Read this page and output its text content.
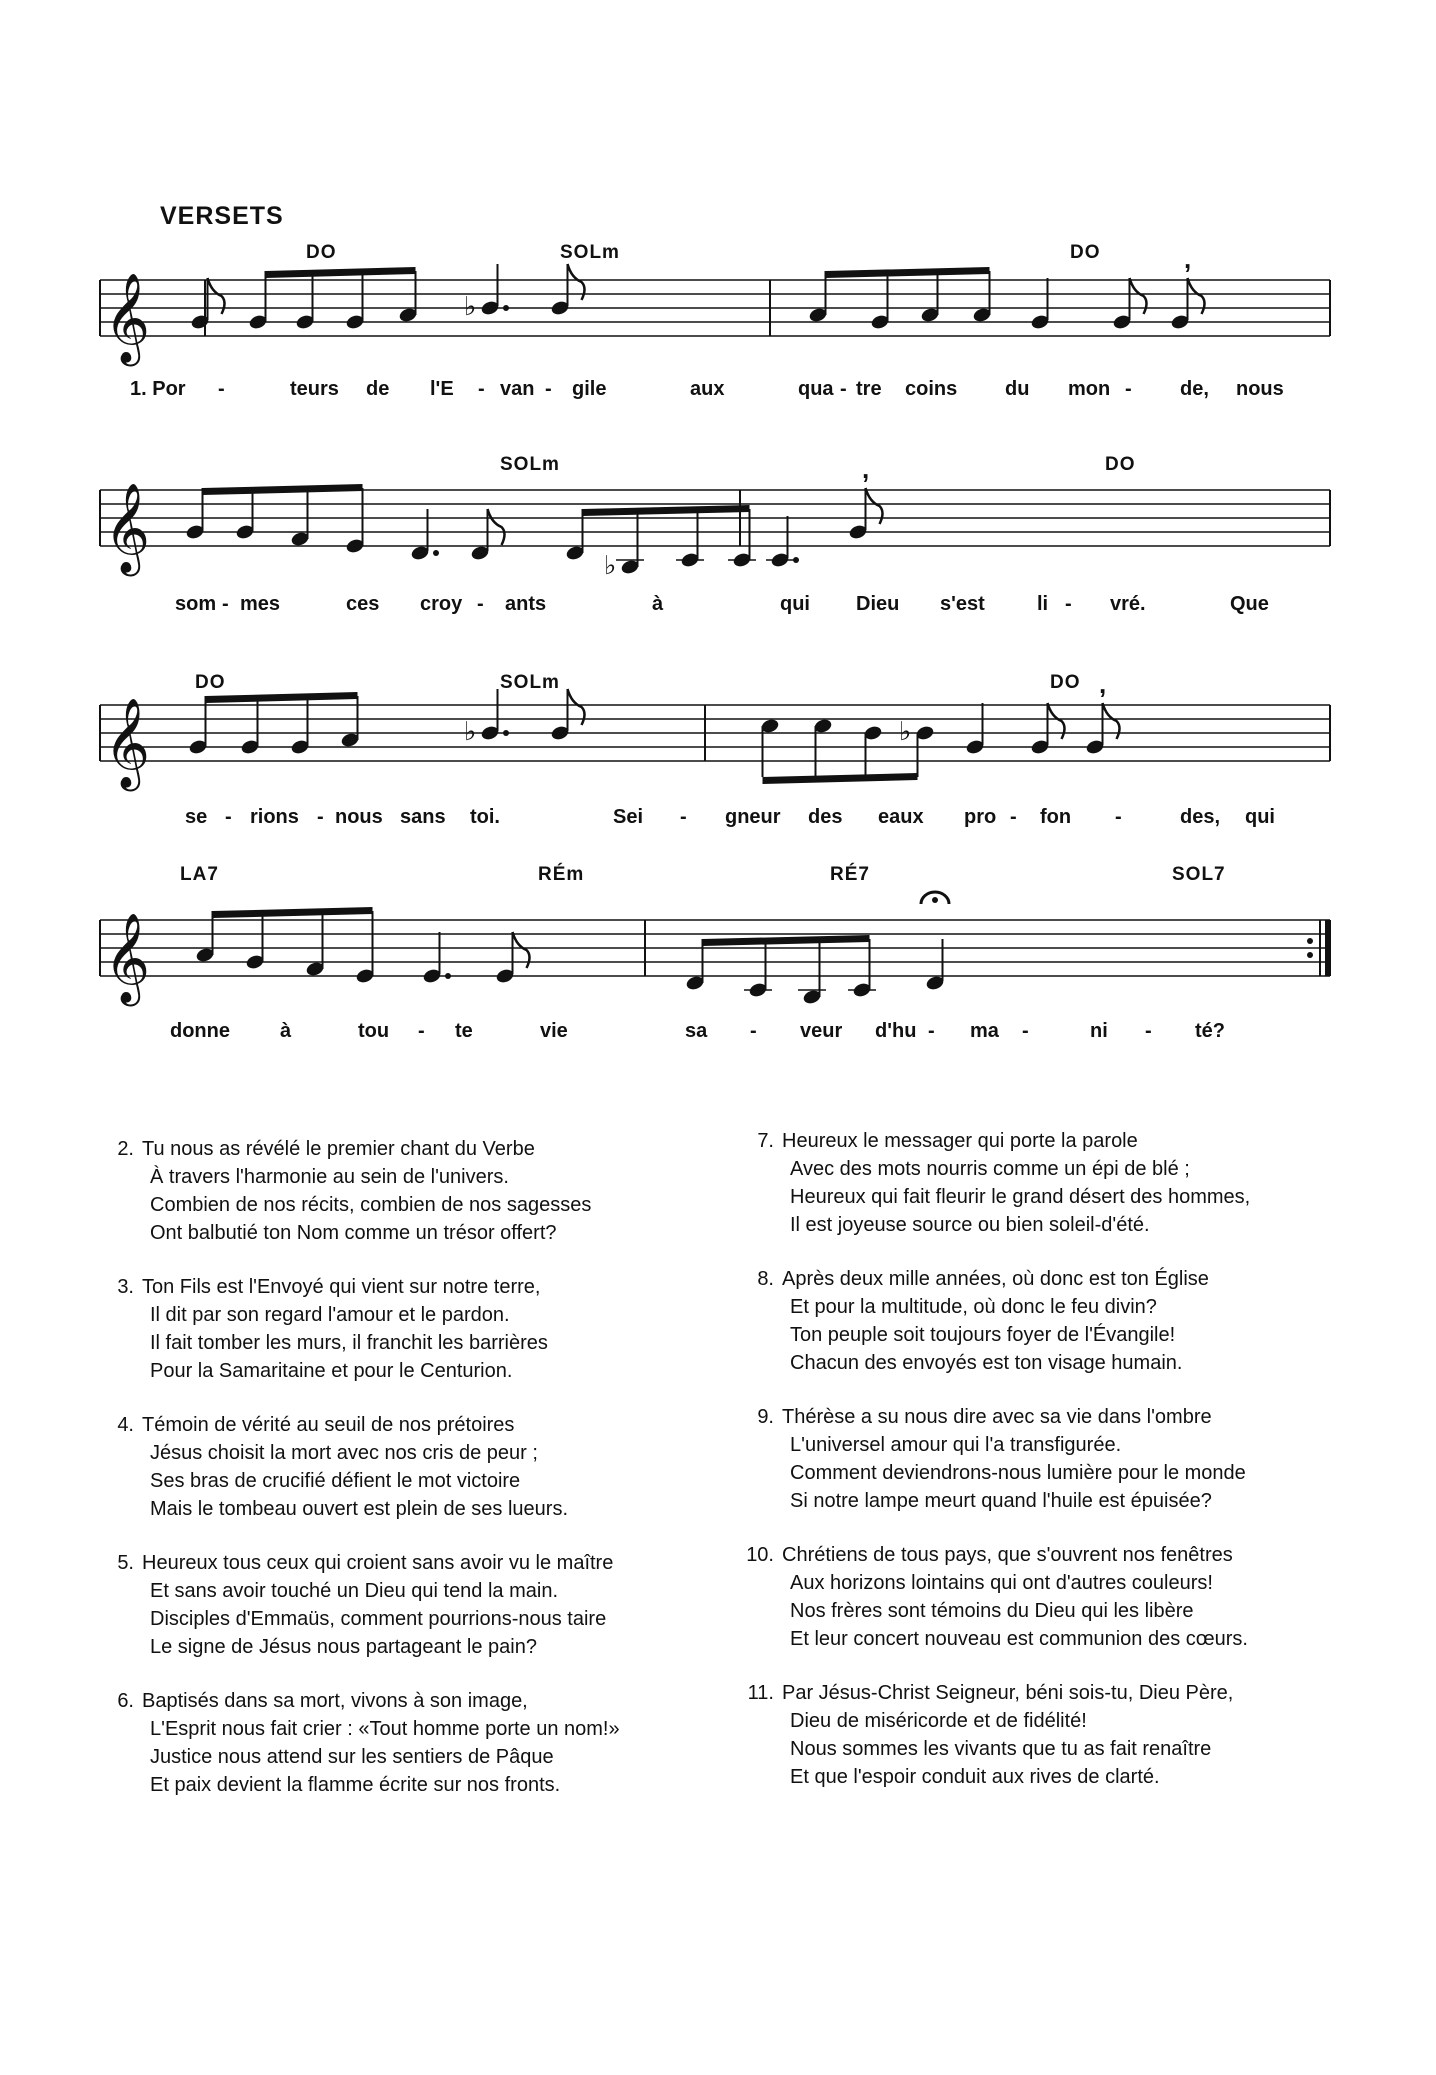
VERSETS
𝄞	♭
,
DO	SOLm	DO
1. Por -	teurs de l'E - van - gile	aux	qua - tre coins du mon - de, nous
𝄞	♭
,
SOLm	DO
som - mes	ces croy - ants	à	qui Dieu s'est	li - vré.	Que
𝄞	♭	♭
,
DO	SOLm	DO
se - rions - nous sans toi.	Sei - gneur des eaux pro - fon -	des, qui
𝄞
LA7	RÉm	RÉ7	SOL7
donne	à	tou - te	vie	sa - veur d'hu - ma -	ni - té?
2. Tu nous as révélé le premier chant du Verbe
À travers l'harmonie au sein de l'univers.
Combien de nos récits, combien de nos sagesses
Ont balbutié ton Nom comme un trésor offert?
3. Ton Fils est l'Envoyé qui vient sur notre terre,
Il dit par son regard l'amour et le pardon.
Il fait tomber les murs, il franchit les barrières
Pour la Samaritaine et pour le Centurion.
4. Témoin de vérité au seuil de nos prétoires
Jésus choisit la mort avec nos cris de peur ;
Ses bras de crucifié défient le mot victoire
Mais le tombeau ouvert est plein de ses lueurs.
5. Heureux tous ceux qui croient sans avoir vu le maître
Et sans avoir touché un Dieu qui tend la main.
Disciples d'Emmaüs, comment pourrions-nous taire
Le signe de Jésus nous partageant le pain?
6. Baptisés dans sa mort, vivons à son image,
L'Esprit nous fait crier : «Tout homme porte un nom!»
Justice nous attend sur les sentiers de Pâque
Et paix devient la flamme écrite sur nos fronts.
7. Heureux le messager qui porte la parole
Avec des mots nourris comme un épi de blé ;
Heureux qui fait fleurir le grand désert des hommes,
Il est joyeuse source ou bien soleil-d'été.
8. Après deux mille années, où donc est ton Église
Et pour la multitude, où donc le feu divin?
Ton peuple soit toujours foyer de l'Évangile!
Chacun des envoyés est ton visage humain.
9. Thérèse a su nous dire avec sa vie dans l'ombre
L'universel amour qui l'a transfigurée.
Comment deviendrons-nous lumière pour le monde
Si notre lampe meurt quand l'huile est épuisée?
10. Chrétiens de tous pays, que s'ouvrent nos fenêtres
Aux horizons lointains qui ont d'autres couleurs!
Nos frères sont témoins du Dieu qui les libère
Et leur concert nouveau est communion des cœurs.
11. Par Jésus-Christ Seigneur, béni sois-tu, Dieu Père,
Dieu de miséricorde et de fidélité!
Nous sommes les vivants que tu as fait renaître
Et que l'espoir conduit aux rives de clarté.
